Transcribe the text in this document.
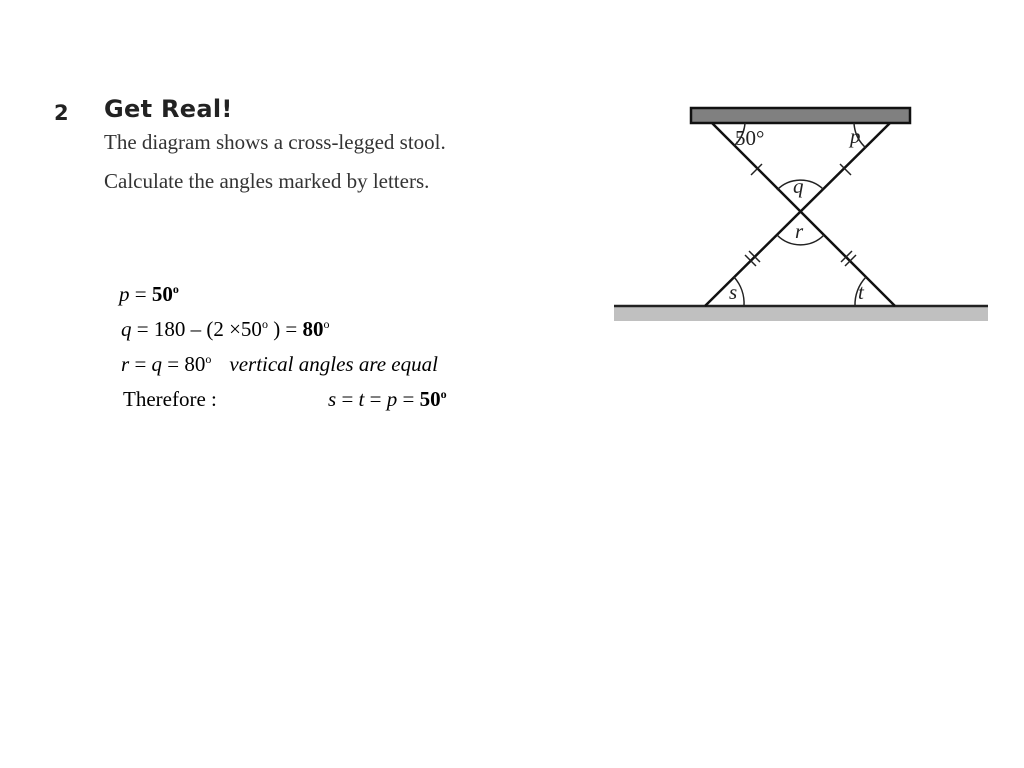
2 Get Real!
The diagram shows a cross-legged stool.
Calculate the angles marked by letters.
$p = 50^o$
$q = 180 - (2 \times 50^o$ ) = $80^o$
$r = q = 80^o$ vertical angles are equal
Therefore :	$s = t = p = 50^o$
50°	p
q
r
s	t
